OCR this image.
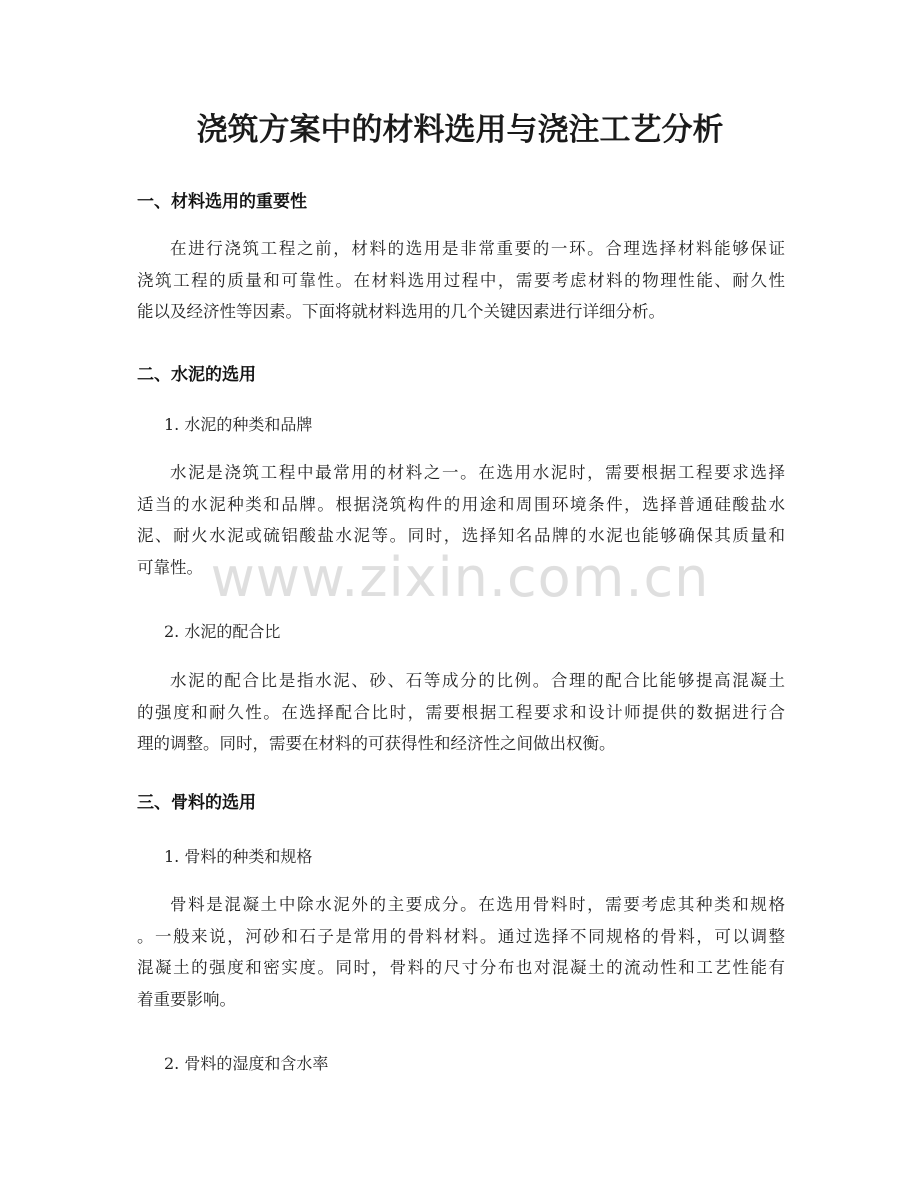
浇筑方案中的材料选用与浇注工艺分析
一、材料选用的重要性
在进行浇筑工程之前，材料的选用是非常重要的一环。合理选择材料能够保证
浇筑工程的质量和可靠性。在材料选用过程中，需要考虑材料的物理性能、耐久性
能以及经济性等因素。下面将就材料选用的几个关键因素进行详细分析。
二、水泥的选用
1. 水泥的种类和品牌
水泥是浇筑工程中最常用的材料之一。在选用水泥时，需要根据工程要求选择
适当的水泥种类和品牌。根据浇筑构件的用途和周围环境条件，选择普通硅酸盐水
泥、耐火水泥或硫铝酸盐水泥等。同时，选择知名品牌的水泥也能够确保其质量和
可靠性。
2. 水泥的配合比
水泥的配合比是指水泥、砂、石等成分的比例。合理的配合比能够提高混凝土
的强度和耐久性。在选择配合比时，需要根据工程要求和设计师提供的数据进行合
理的调整。同时，需要在材料的可获得性和经济性之间做出权衡。
三、骨料的选用
1. 骨料的种类和规格
骨料是混凝土中除水泥外的主要成分。在选用骨料时，需要考虑其种类和规格
。一般来说，河砂和石子是常用的骨料材料。通过选择不同规格的骨料，可以调整
混凝土的强度和密实度。同时，骨料的尺寸分布也对混凝土的流动性和工艺性能有
着重要影响。
2. 骨料的湿度和含水率
www.zixin.com.cn
